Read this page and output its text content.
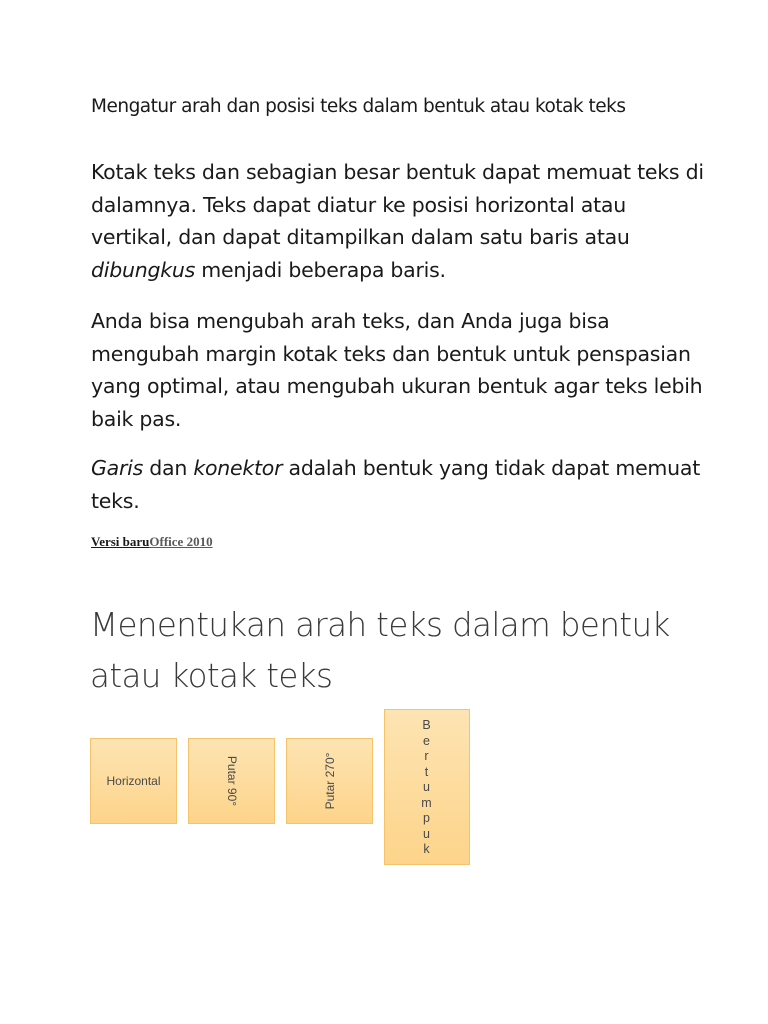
Mengatur arah dan posisi teks dalam bentuk atau kotak teks

Kotak teks dan sebagian besar bentuk dapat memuat teks di dalamnya. Teks dapat diatur ke posisi horizontal atau vertikal, dan dapat ditampilkan dalam satu baris atau dibungkus menjadi beberapa baris.

Anda bisa mengubah arah teks, dan Anda juga bisa mengubah margin kotak teks dan bentuk untuk penspasian yang optimal, atau mengubah ukuran bentuk agar teks lebih baik pas.

Garis dan konektor adalah bentuk yang tidak dapat memuat teks.

Versi baruOffice 2010
Menentukan arah teks dalam bentuk atau kotak teks
Horizontal	Putar 90°	Putar 270°
B
e
r
t
u
m
p
u
k
